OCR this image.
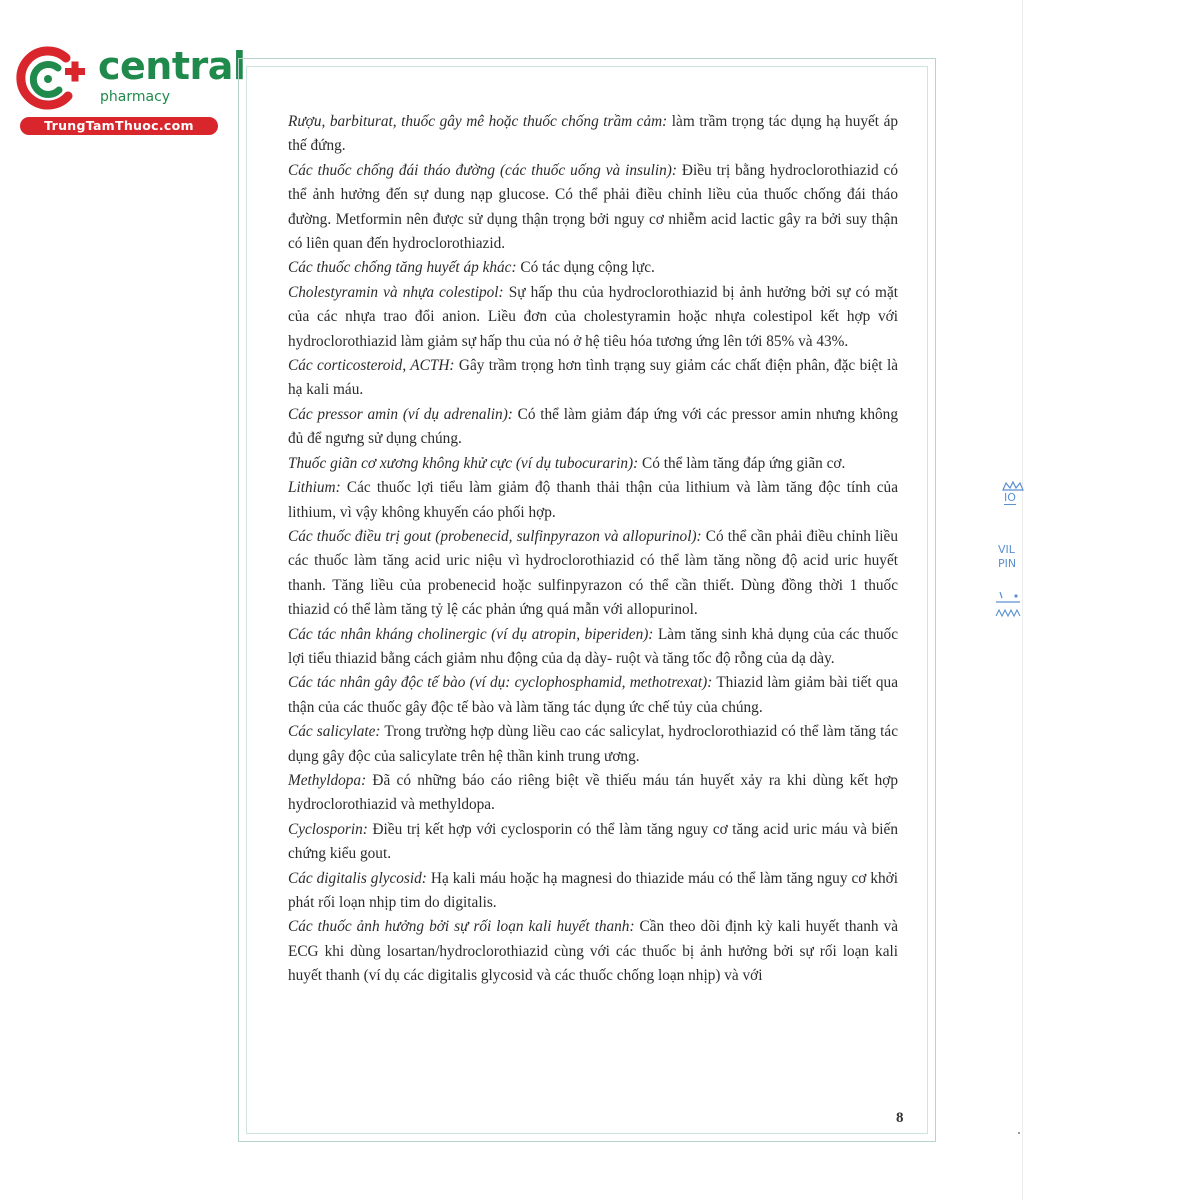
central
pharmacy
TrungTamThuoc.com	Rượu, barbiturat, thuốc gây mê hoặc thuốc chống trầm cảm: làm trầm trọng tác dụng hạ huyết áp thế đứng.

Các thuốc chống đái tháo đường (các thuốc uống và insulin): Điều trị bằng hydroclorothiazid có thể ảnh hưởng đến sự dung nạp glucose. Có thể phải điều chỉnh liều của thuốc chống đái tháo đường. Metformin nên được sử dụng thận trọng bởi nguy cơ nhiễm acid lactic gây ra bởi suy thận có liên quan đến hydroclorothiazid.

Các thuốc chống tăng huyết áp khác: Có tác dụng cộng lực.

Cholestyramin và nhựa colestipol: Sự hấp thu của hydroclorothiazid bị ảnh hưởng bởi sự có mặt của các nhựa trao đổi anion. Liều đơn của cholestyramin hoặc nhựa colestipol kết hợp với hydroclorothiazid làm giảm sự hấp thu của nó ở hệ tiêu hóa tương ứng lên tới 85% và 43%.

Các corticosteroid, ACTH: Gây trầm trọng hơn tình trạng suy giảm các chất điện phân, đặc biệt là hạ kali máu.

Các pressor amin (ví dụ adrenalin): Có thể làm giảm đáp ứng với các pressor amin nhưng không đủ để ngưng sử dụng chúng.

Thuốc giãn cơ xương không khử cực (ví dụ tubocurarin): Có thể làm tăng đáp ứng giãn cơ.

Lithium: Các thuốc lợi tiểu làm giảm độ thanh thải thận của lithium và làm tăng độc tính của lithium, vì vậy không khuyến cáo phối hợp.

Các thuốc điều trị gout (probenecid, sulfinpyrazon và allopurinol): Có thể cần phải điều chỉnh liều các thuốc làm tăng acid uric niệu vì hydroclorothiazid có thể làm tăng nồng độ acid uric huyết thanh. Tăng liều của probenecid hoặc sulfinpyrazon có thể cần thiết. Dùng đồng thời 1 thuốc thiazid có thể làm tăng tỷ lệ các phản ứng quá mẫn với allopurinol.

Các tác nhân kháng cholinergic (ví dụ atropin, biperiden): Làm tăng sinh khả dụng của các thuốc lợi tiểu thiazid bằng cách giảm nhu động của dạ dày- ruột và tăng tốc độ rỗng của dạ dày.

Các tác nhân gây độc tế bào (ví dụ: cyclophosphamid, methotrexat): Thiazid làm giảm bài tiết qua thận của các thuốc gây độc tế bào và làm tăng tác dụng ức chế tủy của chúng.

Các salicylate: Trong trường hợp dùng liều cao các salicylat, hydroclorothiazid có thể làm tăng tác dụng gây độc của salicylate trên hệ thần kinh trung ương.

Methyldopa: Đã có những báo cáo riêng biệt về thiếu máu tán huyết xảy ra khi dùng kết hợp hydroclorothiazid và methyldopa.

Cyclosporin: Điều trị kết hợp với cyclosporin có thể làm tăng nguy cơ tăng acid uric máu và biến chứng kiểu gout.

Các digitalis glycosid: Hạ kali máu hoặc hạ magnesi do thiazide máu có thể làm tăng nguy cơ khởi phát rối loạn nhịp tim do digitalis.

Các thuốc ảnh hưởng bởi sự rối loạn kali huyết thanh: Cần theo dõi định kỳ kali huyết thanh và ECG khi dùng losartan/hydroclorothiazid cùng với các thuốc bị ảnh hưởng bởi sự rối loạn kali huyết thanh (ví dụ các digitalis glycosid và các thuốc chống loạn nhịp) và với

8
IO
VIL
PIN
